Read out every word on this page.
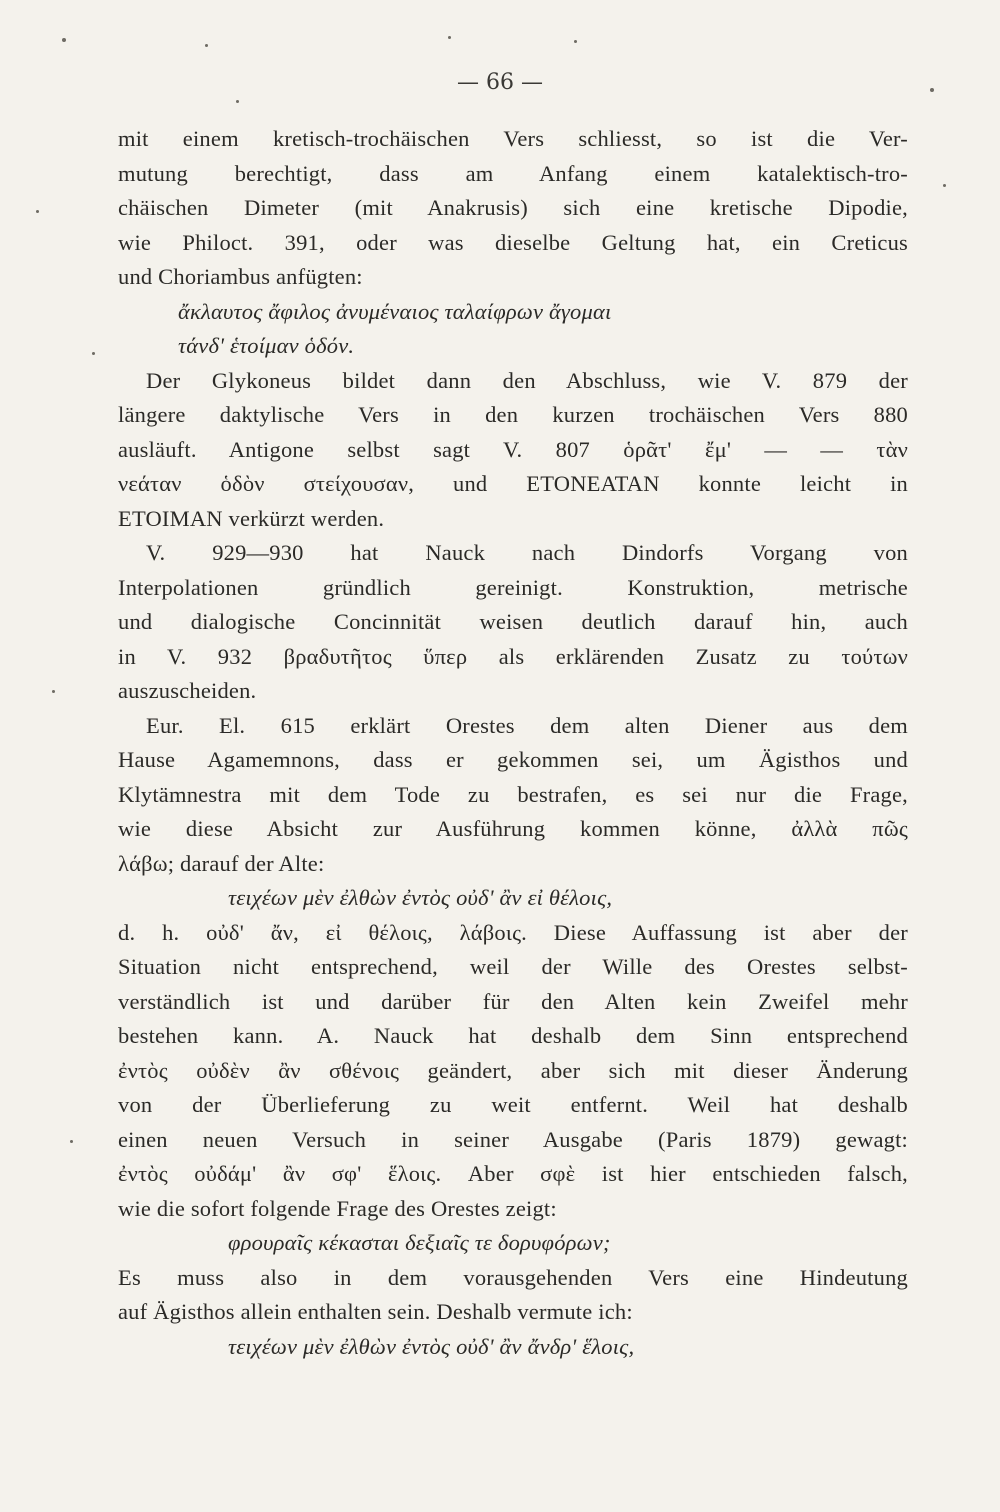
— 66 —
mit einem kretisch-trochäischen Vers schliesst, so ist die Ver-
mutung berechtigt, dass am Anfang einem katalektisch-tro-
chäischen Dimeter (mit Anakrusis) sich eine kretische Dipodie,
wie Philoct. 391, oder was dieselbe Geltung hat, ein Creticus
und Choriambus anfügten:
ἄκλαυτος ἄφιλος ἀνυμέναιος ταλαίφρων ἄγομαι
τάνδ' ἑτοίμαν ὁδόν.
Der Glykoneus bildet dann den Abschluss, wie V. 879 der
längere daktylische Vers in den kurzen trochäischen Vers 880
ausläuft. Antigone selbst sagt V. 807 ὁρᾶτ' ἔμ' — — τὰν
νεάταν ὁδὸν στείχουσαν, und ΕΤΟΝΕΑΤΑΝ konnte leicht in
ΕΤΟΙΜΑΝ verkürzt werden.
V. 929—930 hat Nauck nach Dindorfs Vorgang von
Interpolationen gründlich gereinigt. Konstruktion, metrische
und dialogische Concinnität weisen deutlich darauf hin, auch
in V. 932 βραδυτῆτος ὕπερ als erklärenden Zusatz zu τούτων
auszuscheiden.
Eur. El. 615 erklärt Orestes dem alten Diener aus dem
Hause Agamemnons, dass er gekommen sei, um Ägisthos und
Klytämnestra mit dem Tode zu bestrafen, es sei nur die Frage,
wie diese Absicht zur Ausführung kommen könne, ἀλλὰ πῶς
λάβω; darauf der Alte:
τειχέων μὲν ἐλθὼν ἐντὸς οὐδ' ἂν εἰ θέλοις,
d. h. οὐδ' ἄν, εἰ θέλοις, λάβοις. Diese Auffassung ist aber der
Situation nicht entsprechend, weil der Wille des Orestes selbst-
verständlich ist und darüber für den Alten kein Zweifel mehr
bestehen kann. A. Nauck hat deshalb dem Sinn entsprechend
ἐντὸς οὐδὲν ἂν σθένοις geändert, aber sich mit dieser Änderung
von der Überlieferung zu weit entfernt. Weil hat deshalb
einen neuen Versuch in seiner Ausgabe (Paris 1879) gewagt:
ἐντὸς οὐδάμ' ἂν σφ' ἕλοις. Aber σφὲ ist hier entschieden falsch,
wie die sofort folgende Frage des Orestes zeigt:
φρουραῖς κέκασται δεξιαῖς τε δορυφόρων;
Es muss also in dem vorausgehenden Vers eine Hindeutung
auf Ägisthos allein enthalten sein. Deshalb vermute ich:
τειχέων μὲν ἐλθὼν ἐντὸς οὐδ' ἂν ἄνδρ' ἕλοις,
